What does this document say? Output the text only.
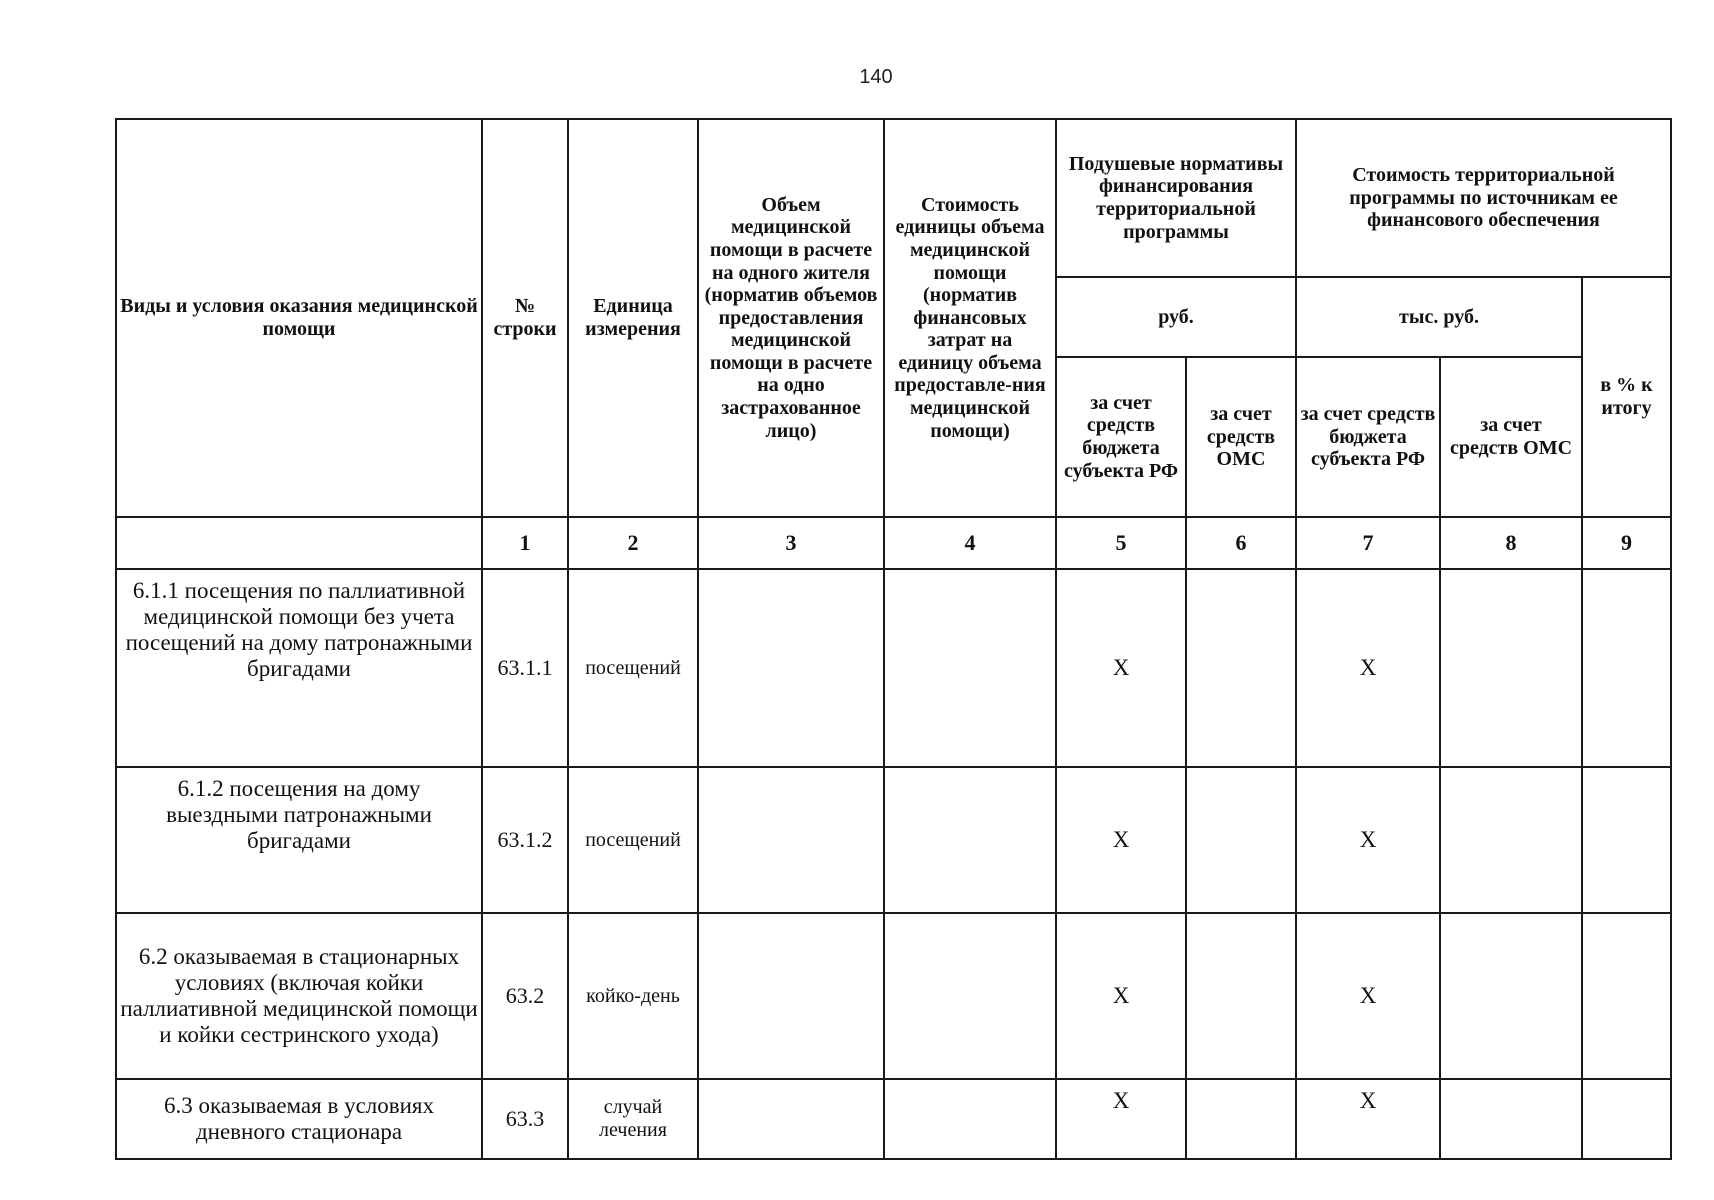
140
Виды и условия оказания медицинской помощи	№ строки	Единица измерения	Объем медицинской помощи в расчете на одного жителя (норматив объемов предоставления медицинской помощи в расчете на одно застрахованное лицо)	Стоимость единицы объема медицинской помощи (норматив финансовых затрат на единицу объема предоставле-ния медицинской помощи)	Подушевые нормативы финансирования территориальной программы		Стоимость территориальной программы по источникам ее финансового обеспечения		
					руб.		тыс. руб.		в % к итогу
					за счет средств бюджета субъекта РФ	за счет средств ОМС	за счет средств бюджета субъекта РФ	за счет средств ОМС	
	1	2	3	4	5	6	7	8	9
6.1.1 посещения по паллиативной медицинской помощи без учета посещений на дому патронажными бригадами	63.1.1	посещений			X		X		
6.1.2 посещения на дому выездными патронажными бригадами	63.1.2	посещений			X		X		
6.2 оказываемая в стационарных условиях (включая койки паллиативной медицинской помощи и койки сестринского ухода)	63.2	койко-день			X		X		
6.3 оказываемая в условиях дневного стационара	63.3	случай лечения			X		X		
